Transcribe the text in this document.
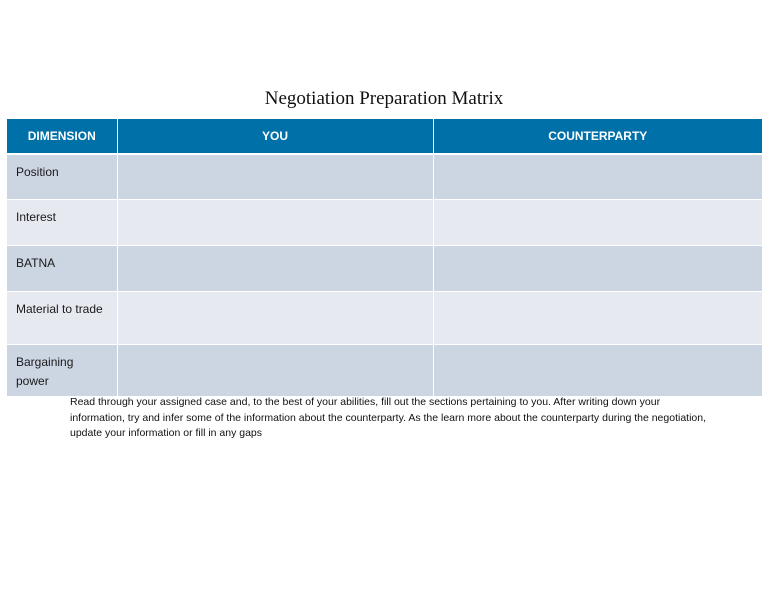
Negotiation Preparation Matrix
DIMENSION	YOU	COUNTERPARTY
Position		
Interest		
BATNA		
Material to trade		
Bargaining power		
Read through your assigned case and, to the best of your abilities, fill out the sections pertaining to you. After writing down your information, try and infer some of the information about the counterparty. As the learn more about the counterparty during the negotiation, update your information or fill in any gaps
